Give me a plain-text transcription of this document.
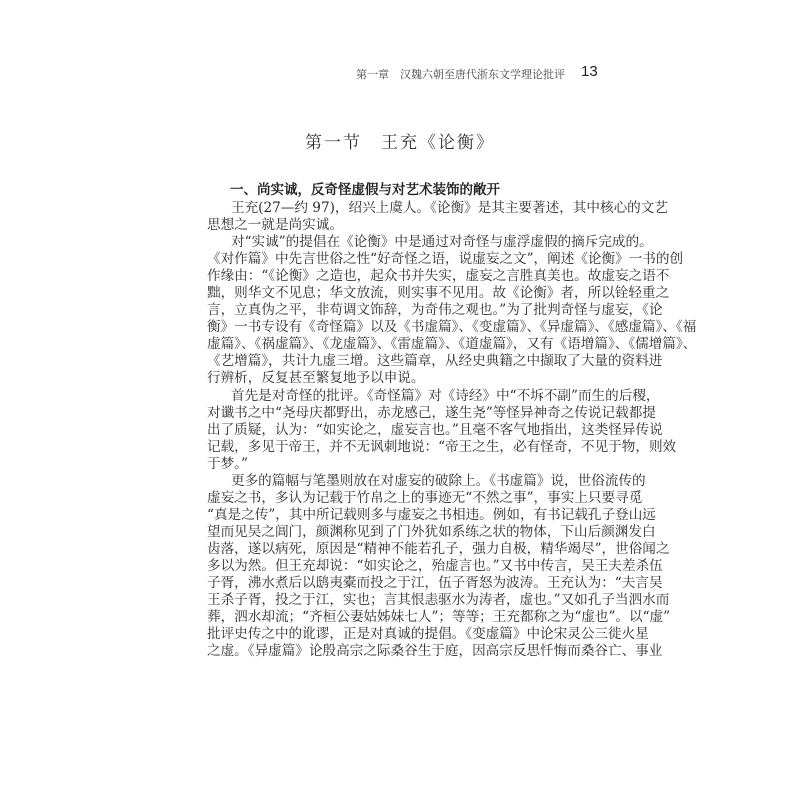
第一章　汉魏六朝至唐代浙东文学理论批评 13
第一节　王充《论衡》
一、尚实诚，反奇怪虚假与对艺术装饰的敞开
王充(27—约 97)，绍兴上虞人。《论衡》是其主要著述，其中核心的文艺
思想之一就是尚实诚。
对“实诚”的提倡在《论衡》中是通过对奇怪与虚浮虚假的摘斥完成的。
《对作篇》中先言世俗之性“好奇怪之语，说虚妄之文”，阐述《论衡》一书的创
作缘由：“《论衡》之造也，起众书并失实，虚妄之言胜真美也。故虚妄之语不
黜，则华文不见息；华文放流，则实事不见用。故《论衡》者，所以铨轻重之
言，立真伪之平，非苟调文饰辞，为奇伟之观也。”为了批判奇怪与虚妄，《论
衡》一书专设有《奇怪篇》以及《书虚篇》、《变虚篇》、《异虚篇》、《感虚篇》、《福
虚篇》、《祸虚篇》、《龙虚篇》、《雷虚篇》、《道虚篇》，又有《语增篇》、《儒增篇》、
《艺增篇》，共计九虚三增。这些篇章，从经史典籍之中撷取了大量的资料进
行辨析，反复甚至繁复地予以申说。
首先是对奇怪的批评。《奇怪篇》对《诗经》中“不坼不副”而生的后稷，
对谶书之中“尧母庆都野出，赤龙感己，遂生尧”等怪异神奇之传说记载都提
出了质疑，认为：“如实论之，虚妄言也。”且毫不客气地指出，这类怪异传说
记载，多见于帝王，并不无讽刺地说：“帝王之生，必有怪奇，不见于物，则效
于梦。”
更多的篇幅与笔墨则放在对虚妄的破除上。《书虚篇》说，世俗流传的
虚妄之书，多认为记载于竹帛之上的事迹无“不然之事”，事实上只要寻觅
“真是之传”，其中所记载则多与虚妄之书相违。例如，有书记载孔子登山远
望而见吴之阊门，颜渊称见到了门外犹如系练之状的物体，下山后颜渊发白
齿落，遂以病死，原因是“精神不能若孔子，强力自极，精华竭尽”，世俗闻之
多以为然。但王充却说：“如实论之，殆虚言也。”又书中传言，吴王夫差杀伍
子胥，沸水煮后以鸱夷橐而投之于江，伍子胥怒为波涛。王充认为：“夫言吴
王杀子胥，投之于江，实也；言其恨恚驱水为涛者，虚也。”又如孔子当泗水而
葬，泗水却流；“齐桓公妻姑姊妹七人”；等等；王充都称之为“虚也”。以“虚”
批评史传之中的讹谬，正是对真诚的提倡。《变虚篇》中论宋灵公三徙火星
之虚。《异虚篇》论殷高宗之际桑谷生于庭，因高宗反思忏悔而桑谷亡、事业
